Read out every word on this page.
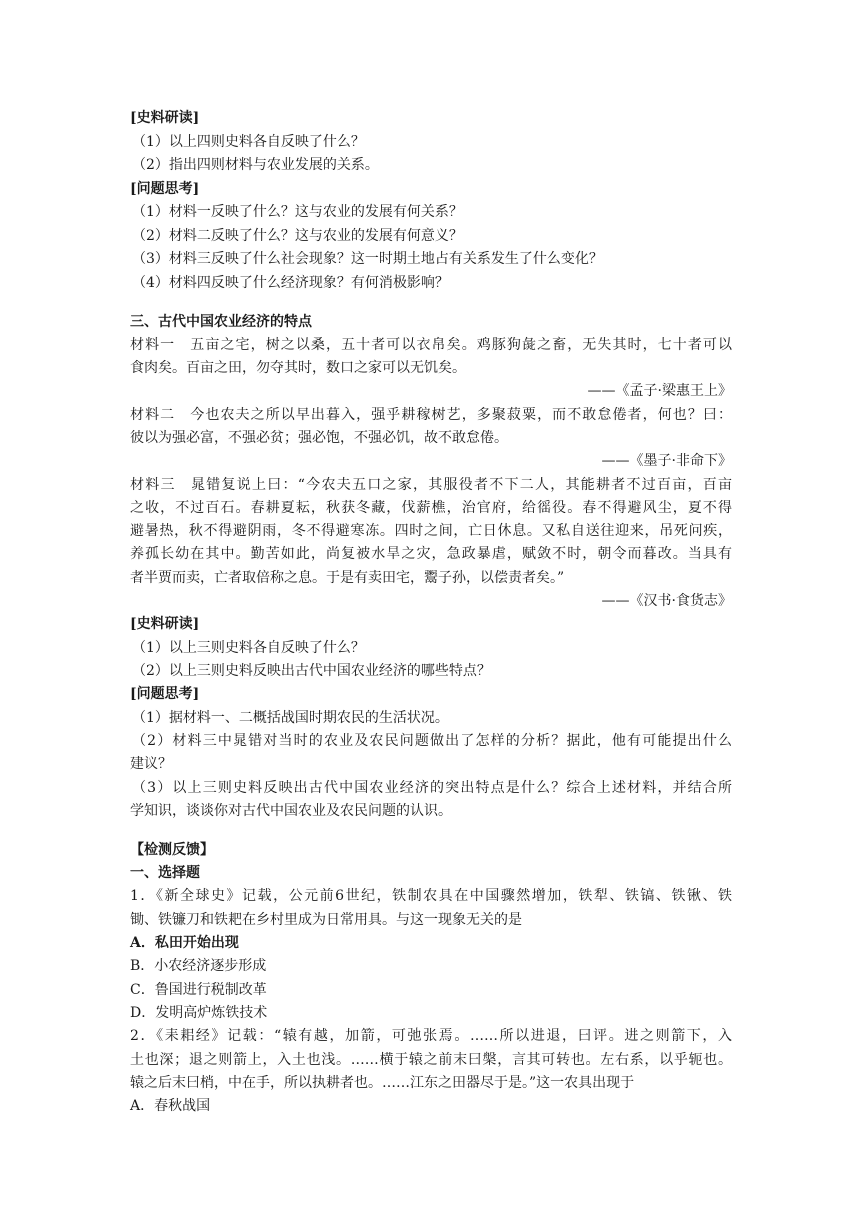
[史料研读]
（1）以上四则史料各自反映了什么？
（2）指出四则材料与农业发展的关系。
[问题思考]
（1）材料一反映了什么？这与农业的发展有何关系？
（2）材料二反映了什么？这与农业的发展有何意义？
（3）材料三反映了什么社会现象？这一时期土地占有关系发生了什么变化？
（4）材料四反映了什么经济现象？有何消极影响？
三、古代中国农业经济的特点
材料一　五亩之宅，树之以桑，五十者可以衣帛矣。鸡豚狗彘之畜，无失其时，七十者可以
食肉矣。百亩之田，勿夺其时，数口之家可以无饥矣。
——《孟子·梁惠王上》
材料二　今也农夫之所以早出暮入，强乎耕稼树艺，多聚菽粟，而不敢怠倦者，何也？曰：
彼以为强必富，不强必贫；强必饱，不强必饥，故不敢怠倦。
——《墨子·非命下》
材料三　晁错复说上曰：“今农夫五口之家，其服役者不下二人，其能耕者不过百亩，百亩
之收，不过百石。春耕夏耘，秋获冬藏，伐薪樵，治官府，给徭役。春不得避风尘，夏不得
避暑热，秋不得避阴雨，冬不得避寒冻。四时之间，亡日休息。又私自送往迎来，吊死问疾，
养孤长幼在其中。勤苦如此，尚复被水旱之灾，急政暴虐，赋敛不时，朝令而暮改。当具有
者半贾而卖，亡者取倍称之息。于是有卖田宅，鬻子孙，以偿责者矣。”
——《汉书·食货志》
[史料研读]
（1）以上三则史料各自反映了什么？
（2）以上三则史料反映出古代中国农业经济的哪些特点？
[问题思考]
（1）据材料一、二概括战国时期农民的生活状况。
（2）材料三中晁错对当时的农业及农民问题做出了怎样的分析？据此，他有可能提出什么
建议？
（3）以上三则史料反映出古代中国农业经济的突出特点是什么？综合上述材料，并结合所
学知识，谈谈你对古代中国农业及农民问题的认识。
【检测反馈】
一、选择题
1．《新全球史》记载，公元前6世纪，铁制农具在中国骤然增加，铁犁、铁镐、铁锹、铁
锄、铁镰刀和铁耙在乡村里成为日常用具。与这一现象无关的是
A．私田开始出现
B．小农经济逐步形成
C．鲁国进行税制改革
D．发明高炉炼铁技术
2．《耒耜经》记载：“辕有越，加箭，可弛张焉。……所以进退，曰评。进之则箭下，入
土也深；退之则箭上，入土也浅。……横于辕之前末曰槃，言其可转也。左右系，以乎轭也。
辕之后末曰梢，中在手，所以执耕者也。……江东之田器尽于是。”这一农具出现于
A．春秋战国
